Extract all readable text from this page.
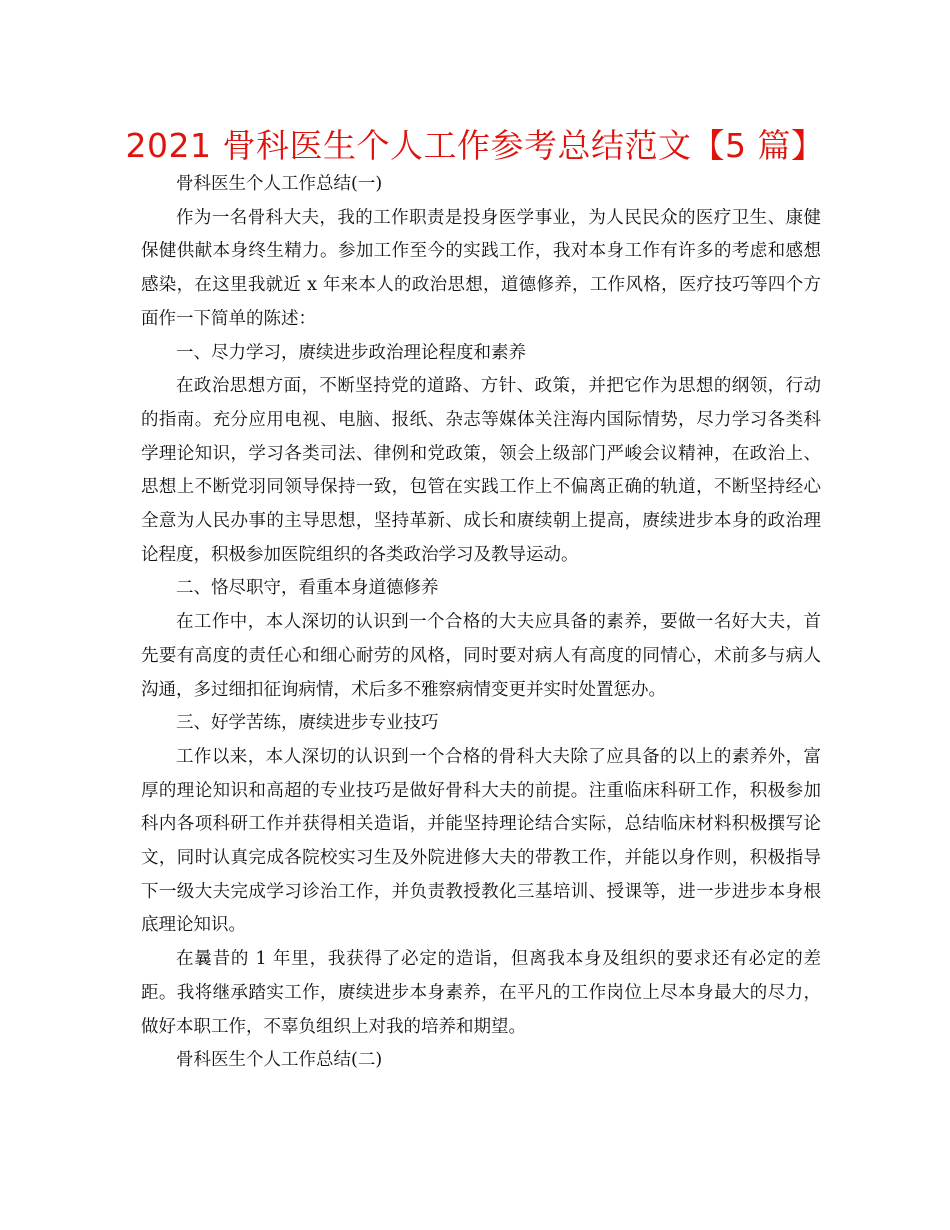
2021 骨科医生个人工作参考总结范文【5 篇】

骨科医生个人工作总结(一)

作为一名骨科大夫，我的工作职责是投身医学事业，为人民民众的医疗卫生、康健保健供献本身终生精力。参加工作至今的实践工作，我对本身工作有许多的考虑和感想感染，在这里我就近 x 年来本人的政治思想，道德修养，工作风格，医疗技巧等四个方面作一下简单的陈述：

一、尽力学习，赓续进步政治理论程度和素养

在政治思想方面，不断坚持党的道路、方针、政策，并把它作为思想的纲领，行动的指南。充分应用电视、电脑、报纸、杂志等媒体关注海内国际情势，尽力学习各类科学理论知识，学习各类司法、律例和党政策，领会上级部门严峻会议精神，在政治上、思想上不断党羽同领导保持一致，包管在实践工作上不偏离正确的轨道，不断坚持经心全意为人民办事的主导思想，坚持革新、成长和赓续朝上提高，赓续进步本身的政治理论程度，积极参加医院组织的各类政治学习及教导运动。

二、恪尽职守，看重本身道德修养

在工作中，本人深切的认识到一个合格的大夫应具备的素养，要做一名好大夫，首先要有高度的责任心和细心耐劳的风格，同时要对病人有高度的同情心，术前多与病人沟通，多过细扣征询病情，术后多不雅察病情变更并实时处置惩办。

三、好学苦练，赓续进步专业技巧

工作以来，本人深切的认识到一个合格的骨科大夫除了应具备的以上的素养外，富厚的理论知识和高超的专业技巧是做好骨科大夫的前提。注重临床科研工作，积极参加科内各项科研工作并获得相关造诣，并能坚持理论结合实际，总结临床材料积极撰写论文，同时认真完成各院校实习生及外院进修大夫的带教工作，并能以身作则，积极指导下一级大夫完成学习诊治工作，并负责教授教化三基培训、授课等，进一步进步本身根底理论知识。

在曩昔的 1 年里，我获得了必定的造诣，但离我本身及组织的要求还有必定的差距。我将继承踏实工作，赓续进步本身素养，在平凡的工作岗位上尽本身最大的尽力，做好本职工作，不辜负组织上对我的培养和期望。

骨科医生个人工作总结(二)
